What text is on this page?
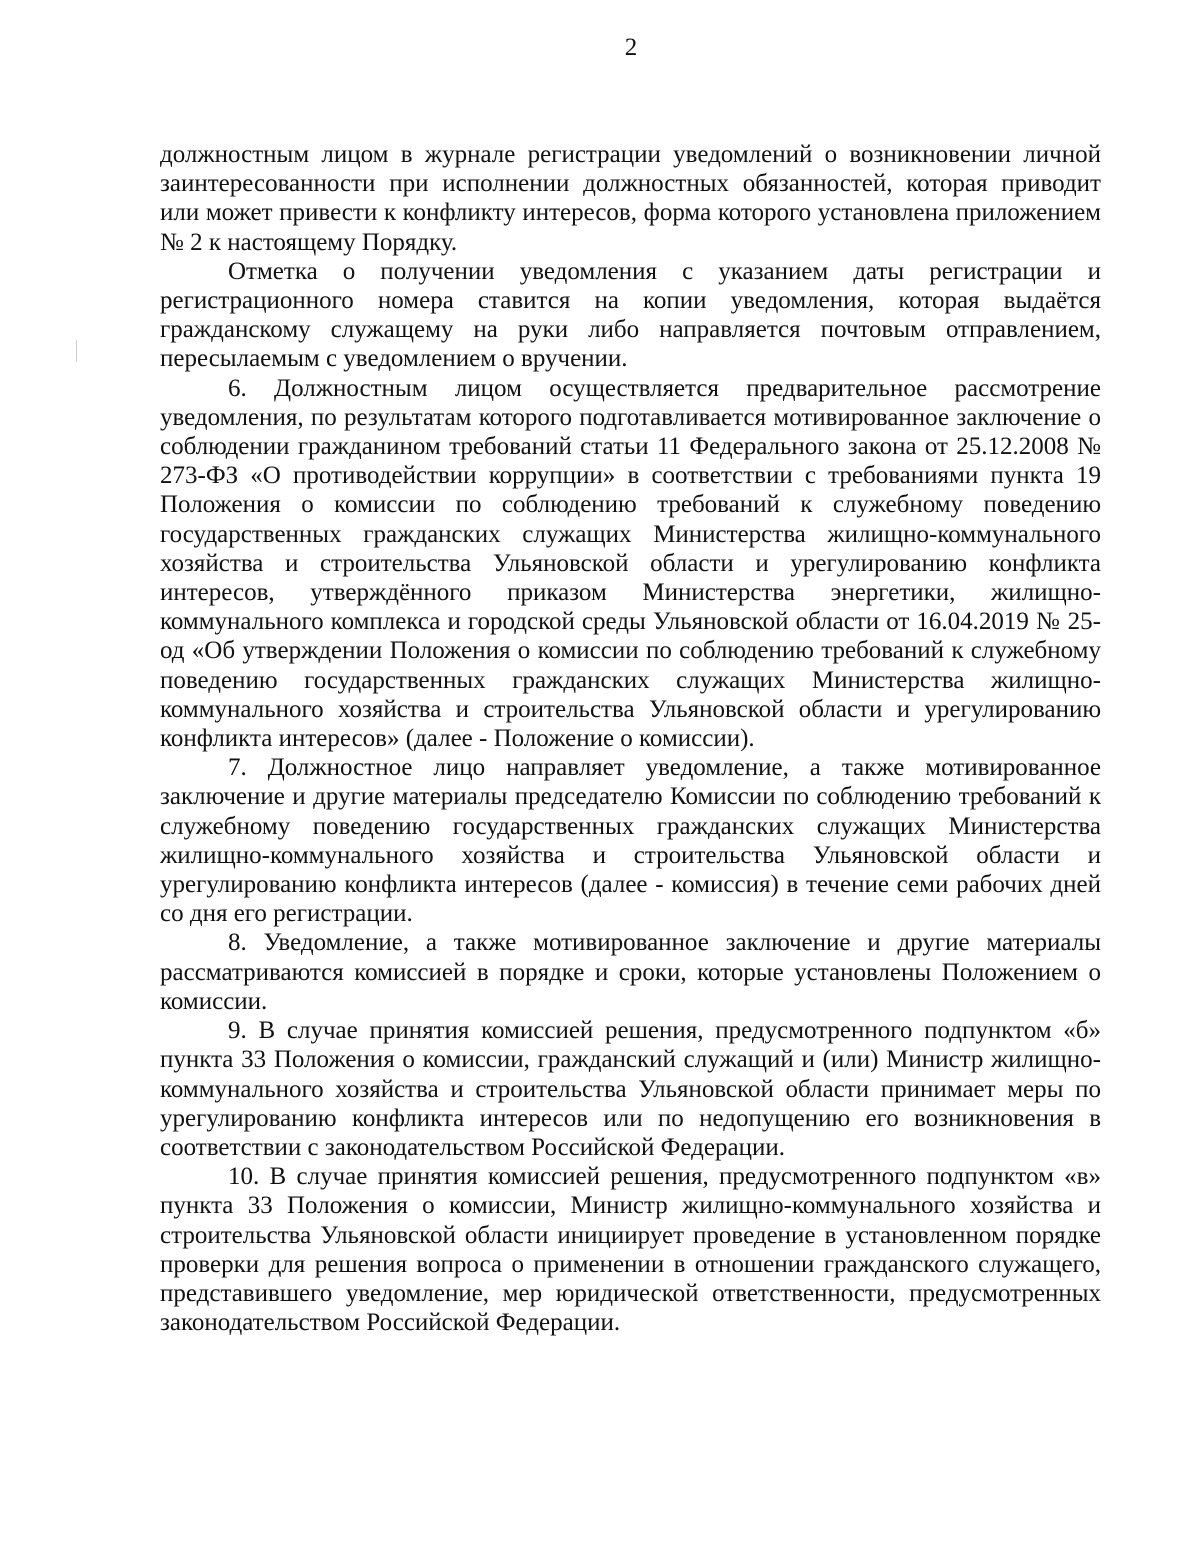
2

должностным лицом в журнале регистрации уведомлений о возникновении личной заинтересованности при исполнении должностных обязанностей, которая приводит или может привести к конфликту интересов, форма которого установлена приложением № 2 к настоящему Порядку.

Отметка о получении уведомления с указанием даты регистрации и регистрационного номера ставится на копии уведомления, которая выдаётся гражданскому служащему на руки либо направляется почтовым отправлением, пересылаемым с уведомлением о вручении.

6. Должностным лицом осуществляется предварительное рассмотрение уведомления, по результатам которого подготавливается мотивированное заключение о соблюдении гражданином требований статьи 11 Федерального закона от 25.12.2008 № 273-ФЗ «О противодействии коррупции» в соответствии с требованиями пункта 19 Положения о комиссии по соблюдению требований к служебному поведению государственных гражданских служащих Министерства жилищно-коммунального хозяйства и строительства Ульяновской области и урегулированию конфликта интересов, утверждённого приказом Министерства энергетики, жилищно-коммунального комплекса и городской среды Ульяновской области от 16.04.2019 № 25-од «Об утверждении Положения о комиссии по соблюдению требований к служебному поведению государственных гражданских служащих Министерства жилищно-коммунального хозяйства и строительства Ульяновской области и урегулированию конфликта интересов» (далее - Положение о комиссии).

7. Должностное лицо направляет уведомление, а также мотивированное заключение и другие материалы председателю Комиссии по соблюдению требований к служебному поведению государственных гражданских служащих Министерства жилищно-коммунального хозяйства и строительства Ульяновской области и урегулированию конфликта интересов (далее - комиссия) в течение семи рабочих дней со дня его регистрации.

8. Уведомление, а также мотивированное заключение и другие материалы рассматриваются комиссией в порядке и сроки, которые установлены Положением о комиссии.

9. В случае принятия комиссией решения, предусмотренного подпунктом «б» пункта 33 Положения о комиссии, гражданский служащий и (или) Министр жилищно-коммунального хозяйства и строительства Ульяновской области принимает меры по урегулированию конфликта интересов или по недопущению его возникновения в соответствии с законодательством Российской Федерации.

10. В случае принятия комиссией решения, предусмотренного подпунктом «в» пункта 33 Положения о комиссии, Министр жилищно-коммунального хозяйства и строительства Ульяновской области инициирует проведение в установленном порядке проверки для решения вопроса о применении в отношении гражданского служащего, представившего уведомление, мер юридической ответственности, предусмотренных законодательством Российской Федерации.
